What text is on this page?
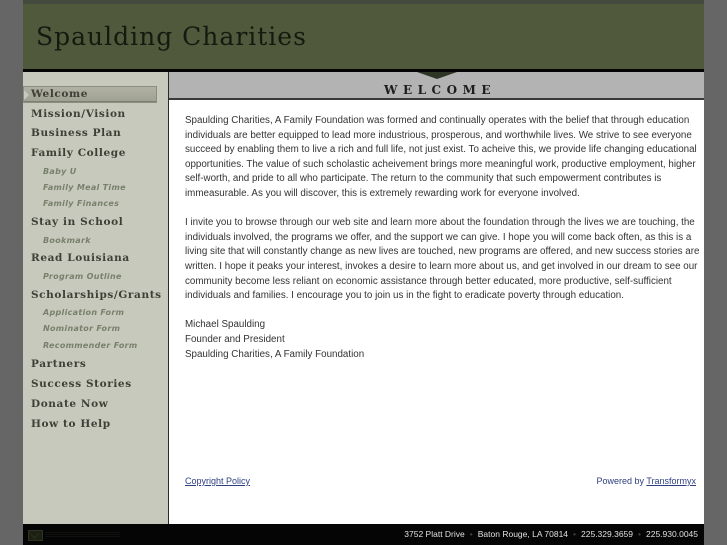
Spaulding Charities
Welcome
Mission/Vision
Business Plan
Family College
Baby U
Family Meal Time
Family Finances
Stay in School
Bookmark
Read Louisiana
Program Outline
Scholarships/Grants
Application Form
Nominator Form
Recommender Form
Partners
Success Stories
Donate Now
How to Help
WELCOME

Spaulding Charities, A Family Foundation was formed and continually operates with the belief that through education individuals are better equipped to lead more industrious, prosperous, and worthwhile lives. We strive to see everyone succeed by enabling them to live a rich and full life, not just exist. To acheive this, we provide life changing educational opportunities. The value of such scholastic acheivement brings more meaningful work, productive employment, higher self-worth, and pride to all who participate. The return to the community that such empowerment contributes is immeasurable. As you will discover, this is extremely rewarding work for everyone involved.

I invite you to browse through our web site and learn more about the foundation through the lives we are touching, the individuals involved, the programs we offer, and the support we can give. I hope you will come back often, as this is a living site that will constantly change as new lives are touched, new programs are offered, and new success stories are written. I hope it peaks your interest, invokes a desire to learn more about us, and get involved in our dream to see our community become less reliant on economic assistance through better educated, more productive, self-sufficient individuals and families. I encourage you to join us in the fight to eradicate poverty through education.

Michael Spaulding
Founder and President
Spaulding Charities, A Family Foundation
Copyright Policy	Powered by Transformyx
3752 Platt Drive • Baton Rouge, LA 70814 • 225.329.3659 • 225.930.0045
